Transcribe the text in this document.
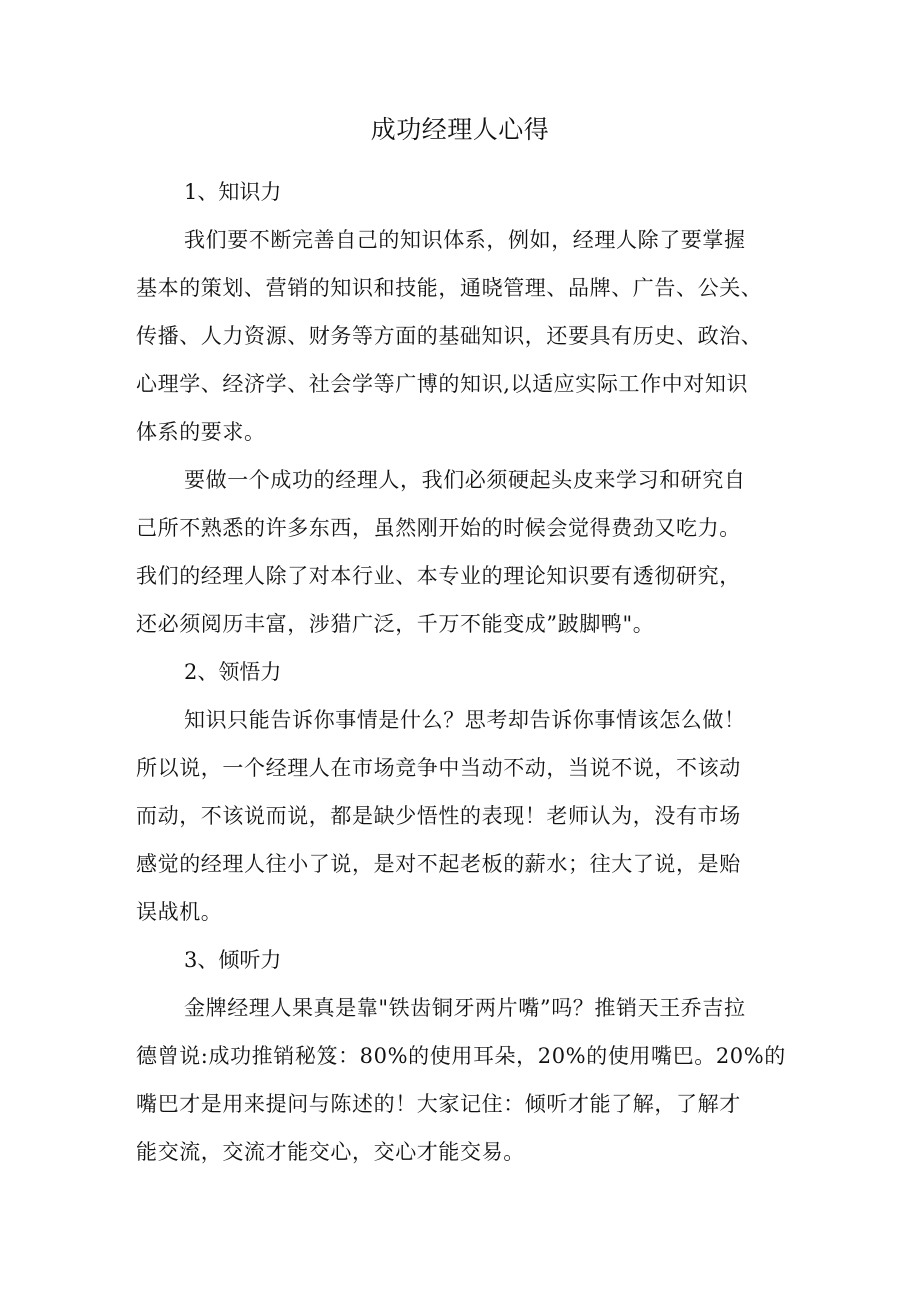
成功经理人心得
1、知识力
我们要不断完善自己的知识体系，例如，经理人除了要掌握
基本的策划、营销的知识和技能，通晓管理、品牌、广告、公关、
传播、人力资源、财务等方面的基础知识，还要具有历史、政治、
心理学、经济学、社会学等广博的知识,以适应实际工作中对知识
体系的要求。
要做一个成功的经理人，我们必须硬起头皮来学习和研究自
己所不熟悉的许多东西，虽然刚开始的时候会觉得费劲又吃力。
我们的经理人除了对本行业、本专业的理论知识要有透彻研究，
还必须阅历丰富，涉猎广泛，千万不能变成”跛脚鸭"。
2、领悟力
知识只能告诉你事情是什么？思考却告诉你事情该怎么做！
所以说，一个经理人在市场竞争中当动不动，当说不说，不该动
而动，不该说而说，都是缺少悟性的表现！老师认为，没有市场
感觉的经理人往小了说，是对不起老板的薪水；往大了说，是贻
误战机。
3、倾听力
金牌经理人果真是靠"铁齿铜牙两片嘴”吗？推销天王乔吉拉
德曾说:成功推销秘笈：80%的使用耳朵，20%的使用嘴巴。20%的
嘴巴才是用来提问与陈述的！大家记住：倾听才能了解，了解才
能交流，交流才能交心，交心才能交易。
